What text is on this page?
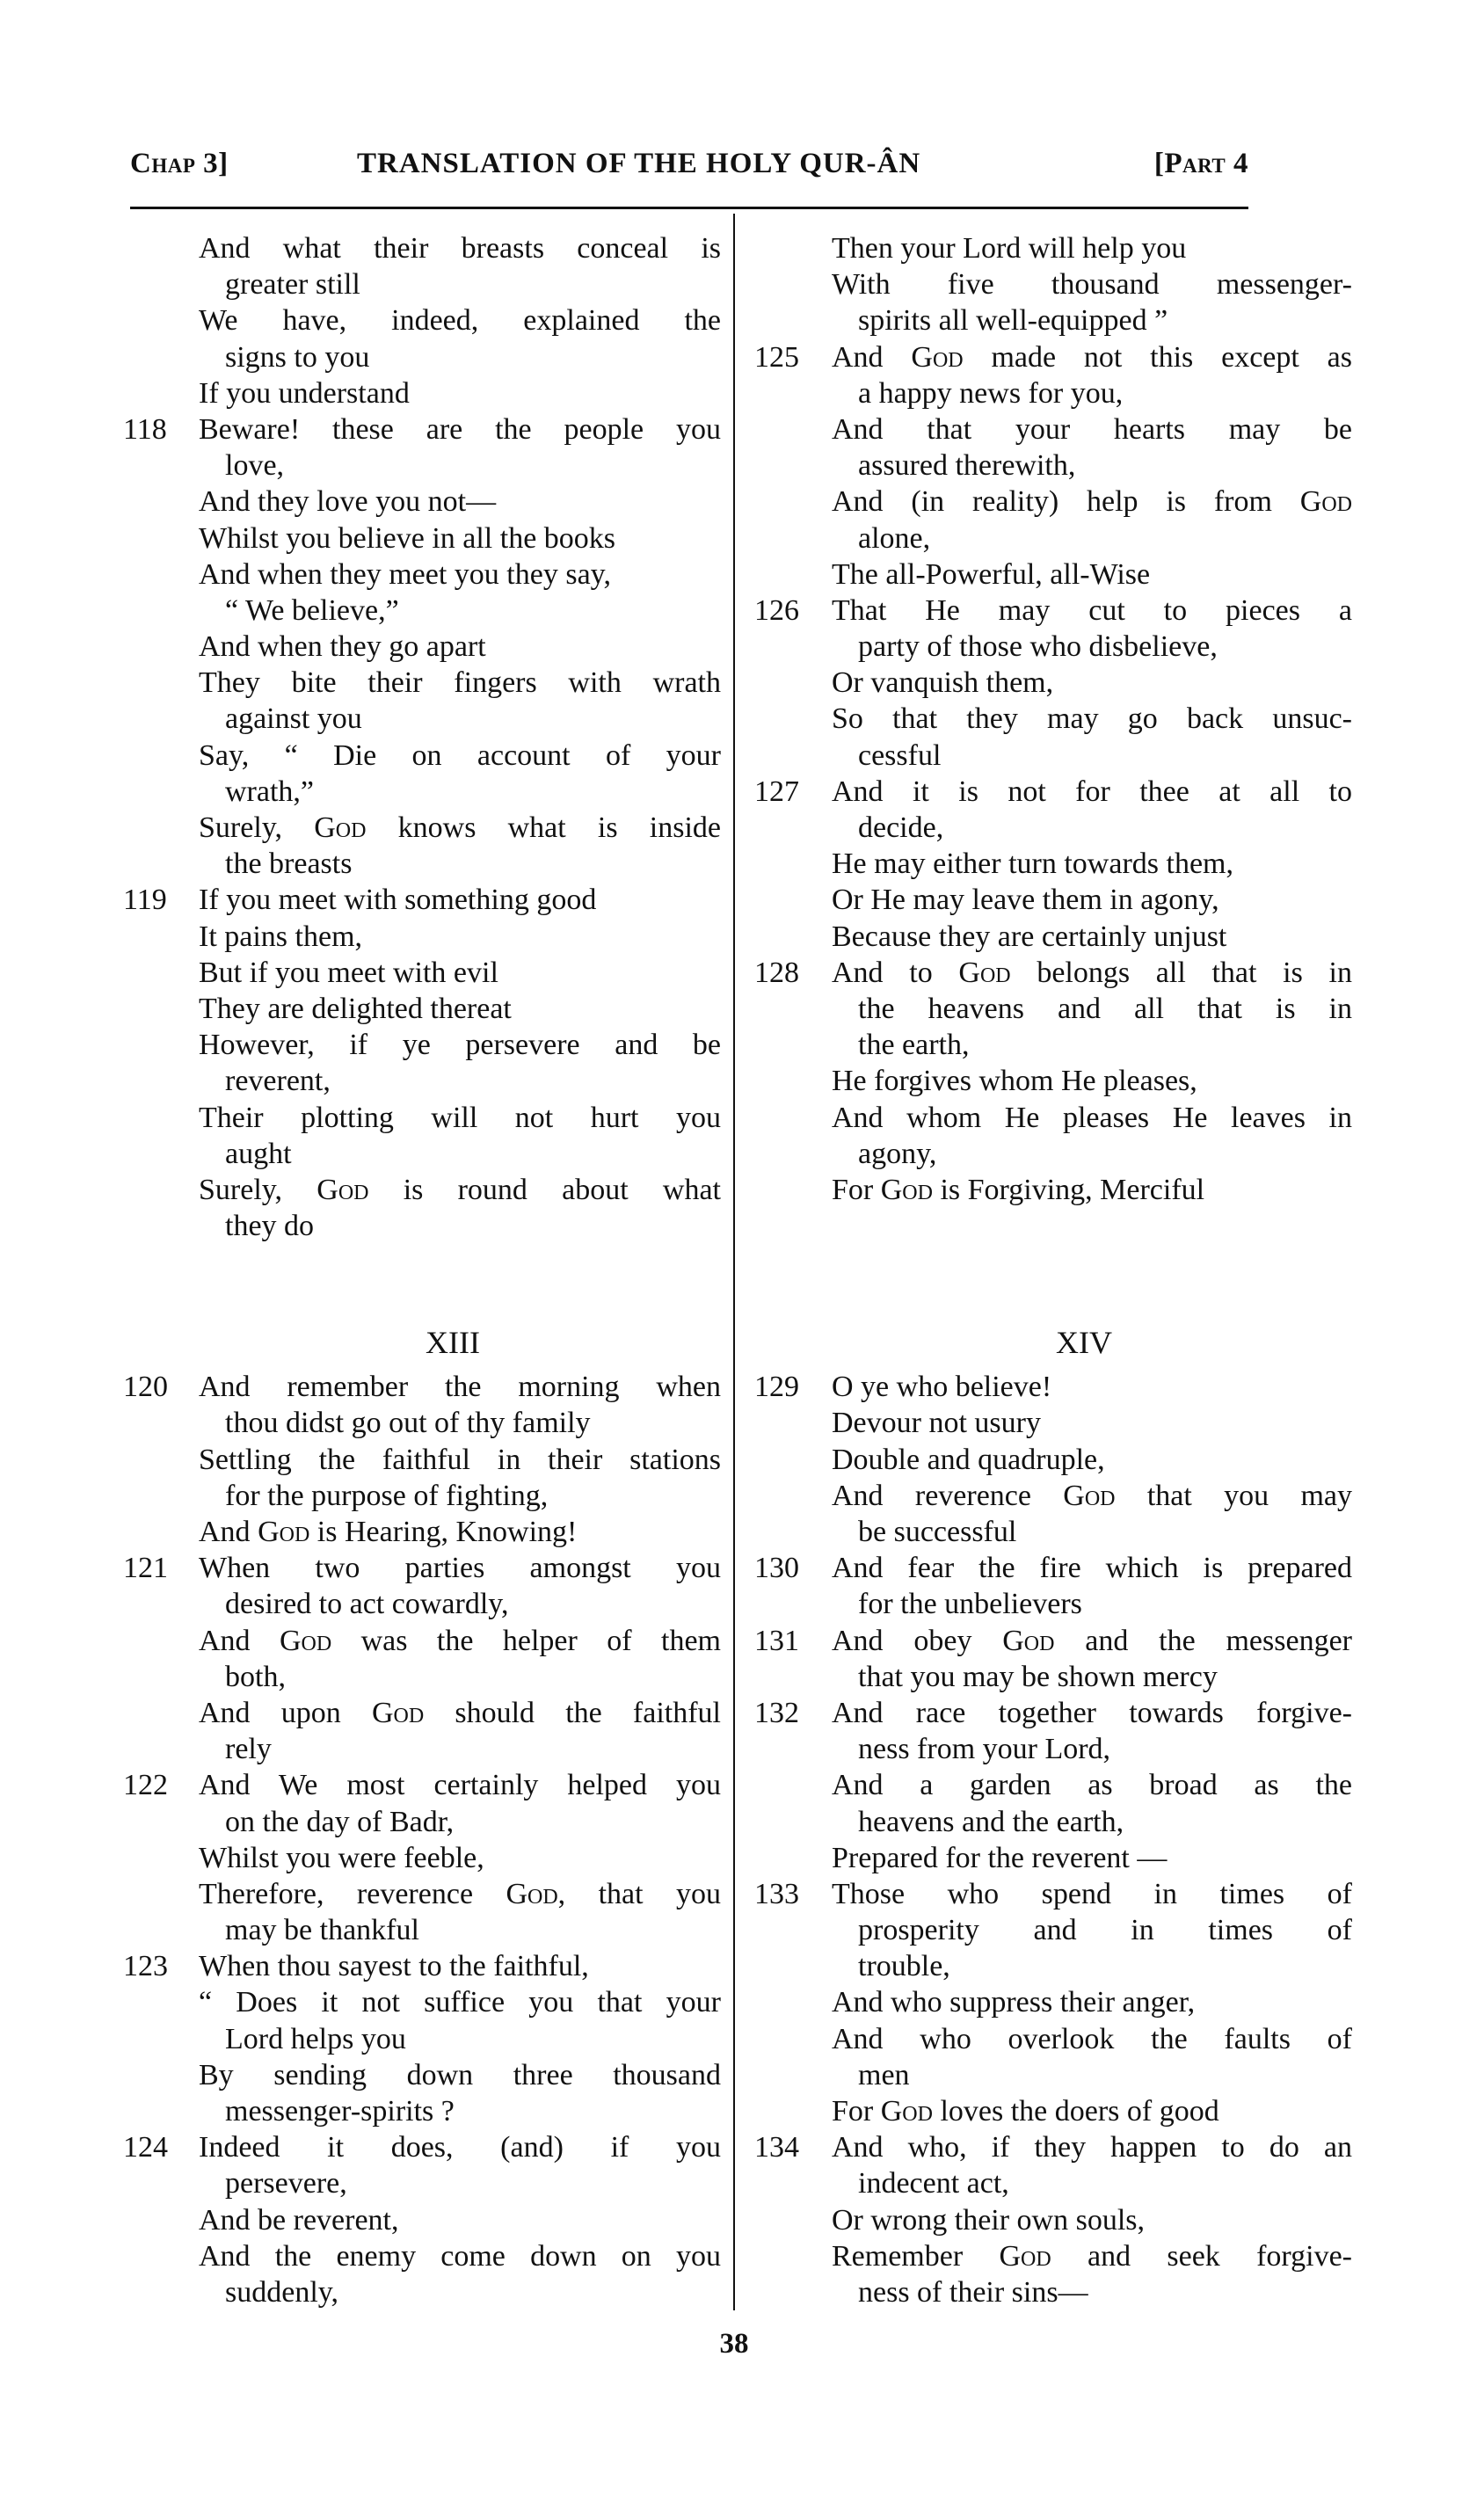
Chap 3]	TRANSLATION OF THE HOLY QUR-ÂN	[Part 4
And what their breasts conceal is
greater still
We have, indeed, explained the
signs to you
If you understand
118 Beware! these are the people you
love,
And they love you not—
Whilst you believe in all the books
And when they meet you they say,
“ We believe,”
And when they go apart
They bite their fingers with wrath
against you
Say, “ Die on account of your
wrath,”
Surely, God knows what is inside
the breasts
119 If you meet with something good
It pains them,
But if you meet with evil
They are delighted thereat
However, if ye persevere and be
reverent,
Their plotting will not hurt you
aught
Surely, God is round about what
they do
XIII
120 And remember the morning when
thou didst go out of thy family
Settling the faithful in their stations
for the purpose of fighting,
And God is Hearing, Knowing!
121 When two parties amongst you
desired to act cowardly,
And God was the helper of them
both,
And upon God should the faithful
rely
122 And We most certainly helped you
on the day of Badr,
Whilst you were feeble,
Therefore, reverence God, that you
may be thankful
123 When thou sayest to the faithful,
“ Does it not suffice you that your
Lord helps you
By sending down three thousand
messenger-spirits ?
124 Indeed it does, (and) if you
persevere,
And be reverent,
And the enemy come down on you
suddenly,
Then your Lord will help you
With five thousand messenger-
spirits all well-equipped ”
125 And God made not this except as
a happy news for you,
And that your hearts may be
assured therewith,
And (in reality) help is from God
alone,
The all-Powerful, all-Wise
126 That He may cut to pieces a
party of those who disbelieve,
Or vanquish them,
So that they may go back unsuc-
cessful
127 And it is not for thee at all to
decide,
He may either turn towards them,
Or He may leave them in agony,
Because they are certainly unjust
128 And to God belongs all that is in
the heavens and all that is in
the earth,
He forgives whom He pleases,
And whom He pleases He leaves in
agony,
For God is Forgiving, Merciful
XIV
129 O ye who believe!
Devour not usury
Double and quadruple,
And reverence God that you may
be successful
130 And fear the fire which is prepared
for the unbelievers
131 And obey God and the messenger
that you may be shown mercy
132 And race together towards forgive-
ness from your Lord,
And a garden as broad as the
heavens and the earth,
Prepared for the reverent —
133 Those who spend in times of
prosperity and in times of
trouble,
And who suppress their anger,
And who overlook the faults of
men
For God loves the doers of good
134 And who, if they happen to do an
indecent act,
Or wrong their own souls,
Remember God and seek forgive-
ness of their sins—
38
